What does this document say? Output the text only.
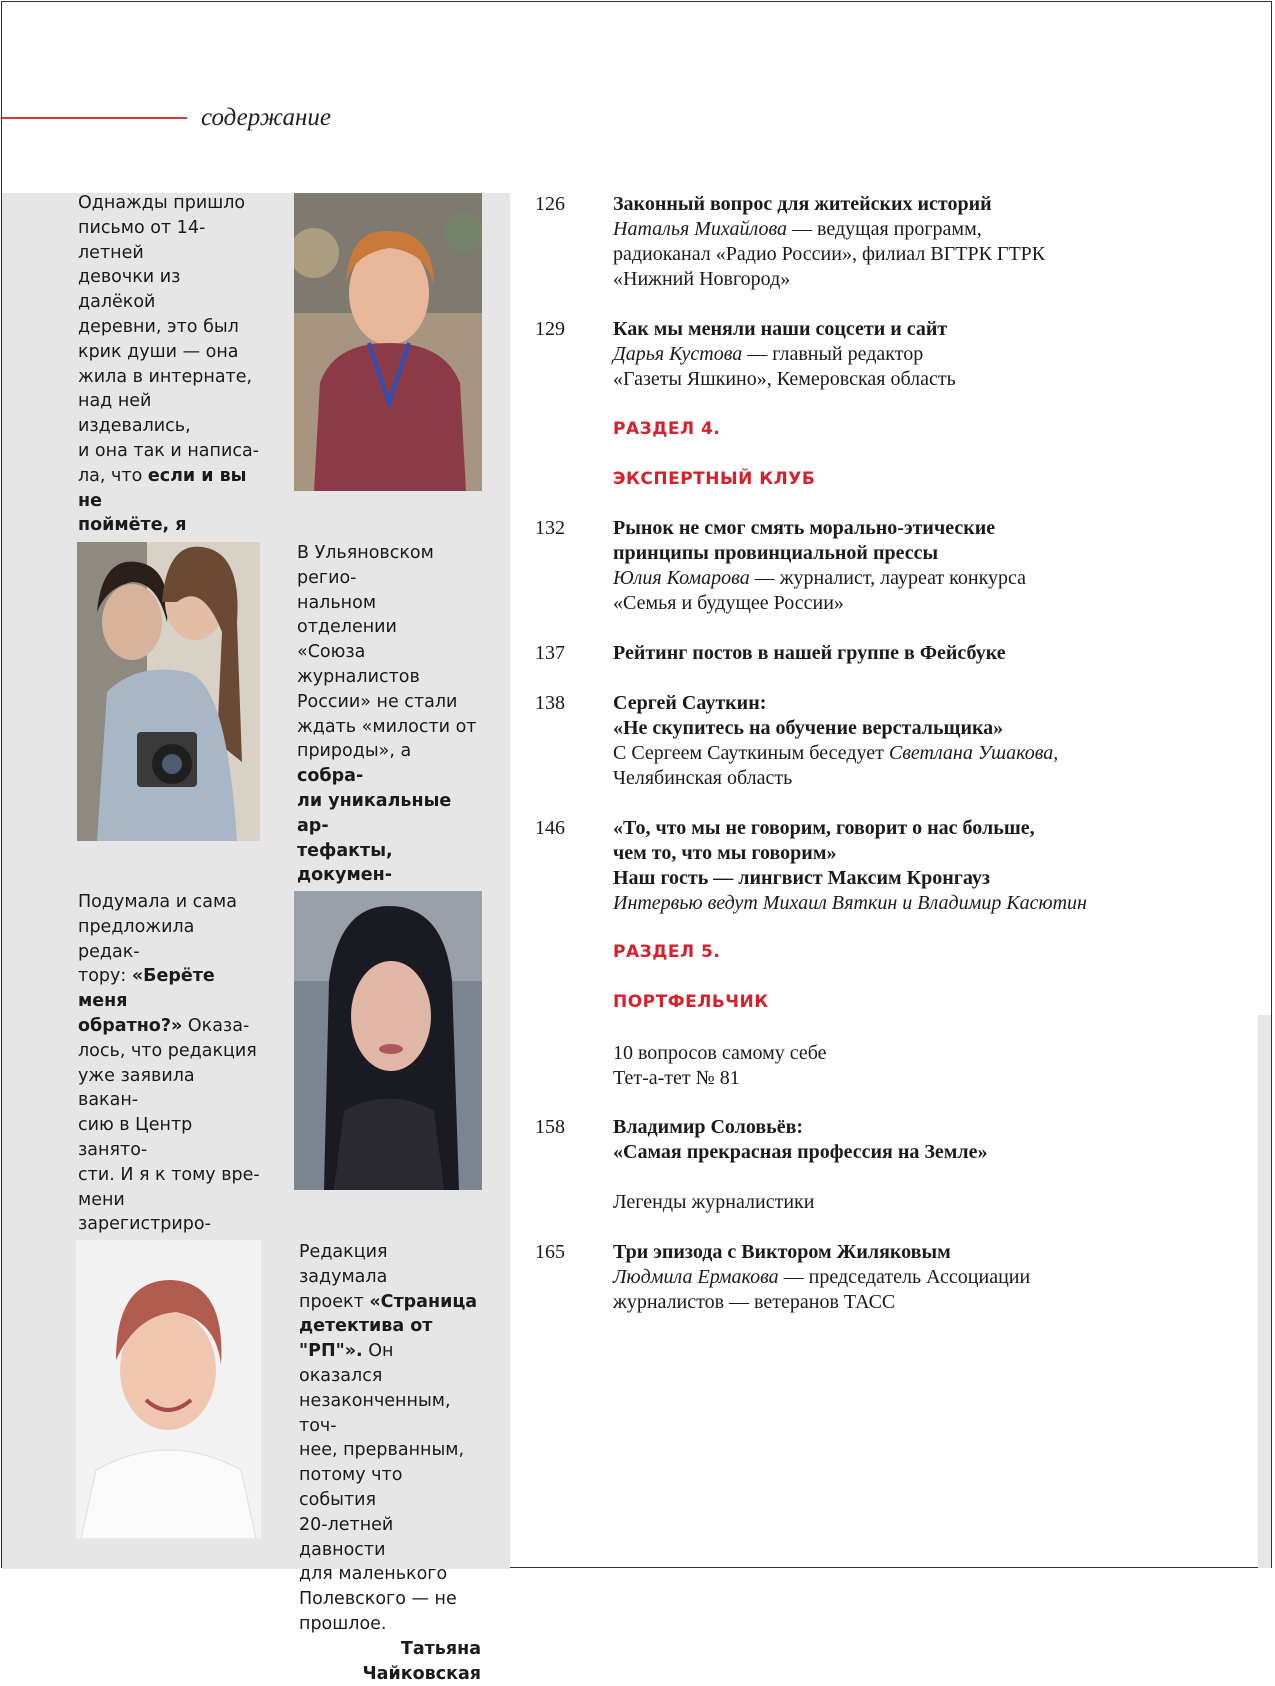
содержание
Однажды пришло
письмо от 14-летней
девочки из далёкой
деревни, это был
крик души — она
жила в интернате,
над ней издевались,
и она так и написа-
ла, что если и вы не
поймёте, я

В Ульяновском регио-
нальном отделении
«Союза журналистов
России» не стали
ждать «милости от
природы», а собра-
ли уникальные ар-
тефакты, докумен-

Подумала и сама
предложила редак-
тору: «Берёте меня
обратно?» Оказа-
лось, что редакция
уже заявила вакан-
сию в Центр занято-
сти. И я к тому вре-
мени зарегистриро-

Редакция задумала
проект «Страница
детектива от
"РП"». Он оказался
незаконченным, точ-
нее, прерванным,
потому что события
20-летней давности
для маленького
Полевского — не
прошлое.
Татьяна Чайковская
126	Законный вопрос для житейских историй
Наталья Михайлова — ведущая программ,
радиоканал «Радио России», филиал ВГТРК ГТРК
«Нижний Новгород»
129	Как мы меняли наши соцсети и сайт
Дарья Кустова — главный редактор
«Газеты Яшкино», Кемеровская область
РАЗДЕЛ 4.
ЭКСПЕРТНЫЙ КЛУБ
132	Рынок не смог смять морально-этические
принципы провинциальной прессы
Юлия Комарова — журналист, лауреат конкурса
«Семья и будущее России»
137	Рейтинг постов в нашей группе в Фейсбуке
138	Сергей Сауткин:
«Не скупитесь на обучение верстальщика»
С Сергеем Сауткиным беседует Светлана Ушакова,
Челябинская область
146	«То, что мы не говорим, говорит о нас больше,
чем то, что мы говорим»
Наш гость — лингвист Максим Кронгауз
Интервью ведут Михаил Вяткин и Владимир Касютин
РАЗДЕЛ 5.
ПОРТФЕЛЬЧИК
10 вопросов самому себе
Тет-а-тет № 81
158	Владимир Соловьёв:
«Самая прекрасная профессия на Земле»
Легенды журналистики
165	Три эпизода с Виктором Жиляковым
Людмила Ермакова — председатель Ассоциации
журналистов — ветеранов ТАСС
